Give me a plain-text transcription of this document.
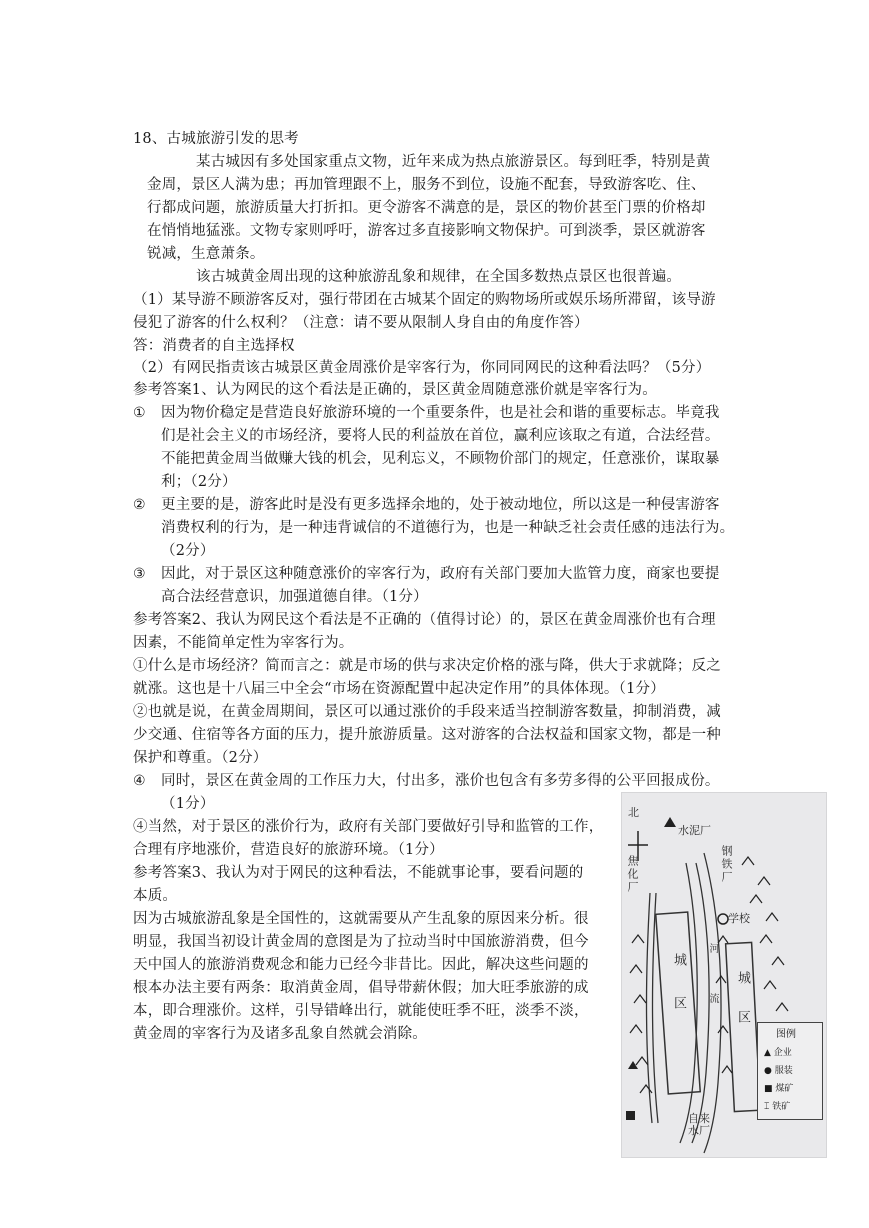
18、古城旅游引发的思考
某古城因有多处国家重点文物，近年来成为热点旅游景区。每到旺季，特别是黄
金周，景区人满为患；再加管理跟不上，服务不到位，设施不配套，导致游客吃、住、
行都成问题，旅游质量大打折扣。更令游客不满意的是，景区的物价甚至门票的价格却
在悄悄地猛涨。文物专家则呼吁，游客过多直接影响文物保护。可到淡季，景区就游客
锐减，生意萧条。
该古城黄金周出现的这种旅游乱象和规律，在全国多数热点景区也很普遍。
（1）某导游不顾游客反对，强行带团在古城某个固定的购物场所或娱乐场所滞留，该导游
侵犯了游客的什么权利？（注意：请不要从限制人身自由的角度作答）
答：消费者的自主选择权
（2）有网民指责该古城景区黄金周涨价是宰客行为，你同同网民的这种看法吗？（5分）
参考答案1、认为网民的这个看法是正确的，景区黄金周随意涨价就是宰客行为。
① 因为物价稳定是营造良好旅游环境的一个重要条件，也是社会和谐的重要标志。毕竟我
们是社会主义的市场经济，要将人民的利益放在首位，赢利应该取之有道，合法经营。
不能把黄金周当做赚大钱的机会，见利忘义，不顾物价部门的规定，任意涨价，谋取暴
利；（2分）
② 更主要的是，游客此时是没有更多选择余地的，处于被动地位，所以这是一种侵害游客
消费权利的行为，是一种违背诚信的不道德行为，也是一种缺乏社会责任感的违法行为。
（2分）
③ 因此，对于景区这种随意涨价的宰客行为，政府有关部门要加大监管力度，商家也要提
高合法经营意识，加强道德自律。（1分）
参考答案2、我认为网民这个看法是不正确的（值得讨论）的，景区在黄金周涨价也有合理
因素，不能简单定性为宰客行为。
①什么是市场经济？简而言之：就是市场的供与求决定价格的涨与降，供大于求就降；反之
就涨。这也是十八届三中全会“市场在资源配置中起决定作用”的具体体现。（1分）
②也就是说，在黄金周期间，景区可以通过涨价的手段来适当控制游客数量，抑制消费，减
少交通、住宿等各方面的压力，提升旅游质量。这对游客的合法权益和国家文物，都是一种
保护和尊重。（2分）
④ 同时，景区在黄金周的工作压力大，付出多，涨价也包含有多劳多得的公平回报成份。
（1分）
④当然，对于景区的涨价行为，政府有关部门要做好引导和监管的工作，
合理有序地涨价，营造良好的旅游环境。（1分）
参考答案3、我认为对于网民的这种看法，不能就事论事，要看问题的
本质。
因为古城旅游乱象是全国性的，这就需要从产生乱象的原因来分析。很
明显，我国当初设计黄金周的意图是为了拉动当时中国旅游消费，但今
天中国人的旅游消费观念和能力已经今非昔比。因此，解决这些问题的
根本办法主要有两条：取消黄金周，倡导带薪休假；加大旺季旅游的成
本，即合理涨价。这样，引导错峰出行，就能使旺季不旺，淡季不淡，
黄金周的宰客行为及诸多乱象自然就会消除。
北
水泥厂
焦化厂	钢铁厂
学校
城区	城区
河流
自来水厂
图例
▲ 企业
● 服装
■ 煤矿
⌶ 铁矿
